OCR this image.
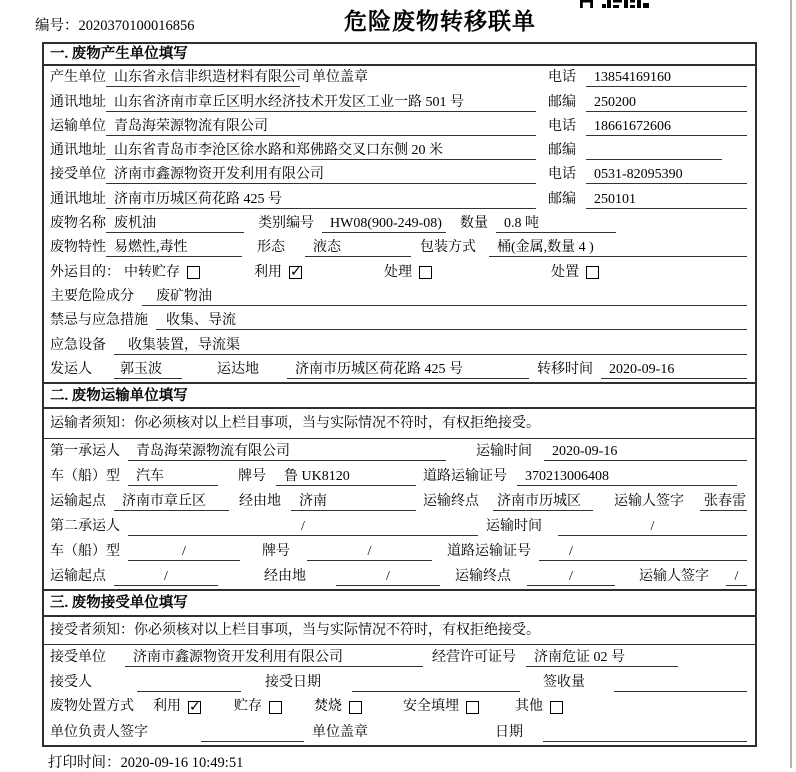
编号：2020370100016856	危险废物转移联单
一. 废物产生单位填写
产生单位 山东省永信非织造材料有限公司 单位盖章	电话	13854169160
通讯地址 山东省济南市章丘区明水经济技术开发区工业一路 501 号	邮编	250200
运输单位 青岛海荣源物流有限公司	电话	18661672606
通讯地址 山东省青岛市李沧区徐水路和郑佛路交叉口东侧 20 米	邮编
接受单位 济南市鑫源物资开发利用有限公司	电话	0531-82095390
通讯地址 济南市历城区荷花路 425 号	邮编	250101
废物名称 废机油	类别编号	HW08(900-249-08) 数量	0.8 吨
废物特性 易燃性,毒性	形态	液态	包装方式	桶(金属,数量 4 )
外运目的： 中转贮存	利用 ✓	处理	处置
主要危险成分	废矿物油
禁忌与应急措施	收集、导流
应急设备	收集装置，导流渠
发运人	郭玉波	运达地	济南市历城区荷花路 425 号	转移时间	2020-09-16
二. 废物运输单位填写
运输者须知：你必须核对以上栏目事项，当与实际情况不符时，有权拒绝接受。
第一承运人	青岛海荣源物流有限公司	运输时间	2020-09-16
车（船）型	汽车	牌号	鲁 UK8120	道路运输证号	370213006408
运输起点	济南市章丘区	经由地	济南	运输终点 济南市历城区	运输人签字 张春雷
第二承运人	/	运输时间	/
车（船）型	/	牌号	/	道路运输证号	/
运输起点	/	经由地	/	运输终点	/	运输人签字	/
三. 废物接受单位填写
接受者须知：你必须核对以上栏目事项，当与实际情况不符时，有权拒绝接受。
接受单位	济南市鑫源物资开发利用有限公司	经营许可证号	济南危证 02 号
接受人	接受日期	签收量
废物处置方式 利用 ✓	贮存	焚烧	安全填埋	其他
单位负责人签字	单位盖章	日期
打印时间：2020-09-16 10:49:51
